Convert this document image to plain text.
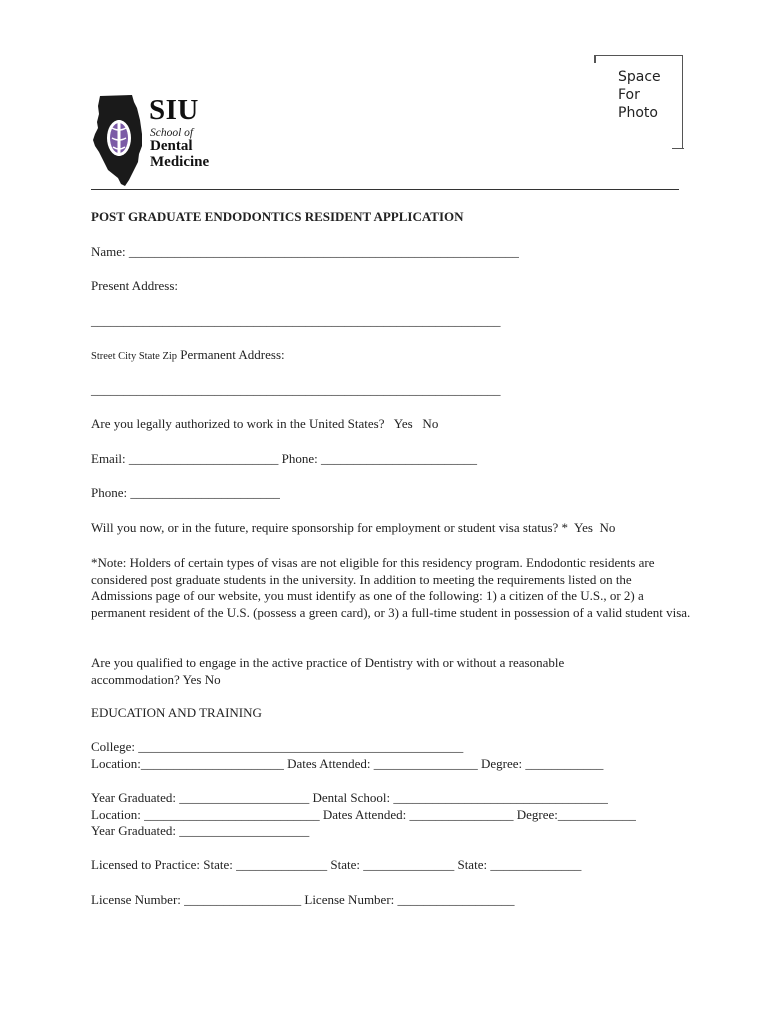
Space
For
Photo
SIU
School of
Dental
Medicine
POST GRADUATE ENDODONTICS RESIDENT APPLICATION
Name: ____________________________________________________________
Present Address:
_______________________________________________________________
Street City State Zip Permanent Address:
_______________________________________________________________
Are you legally authorized to work in the United States?   Yes   No
Email: _______________________ Phone: ________________________
Phone: _______________________
Will you now, or in the future, require sponsorship for employment or student visa status? *  Yes  No
*Note: Holders of certain types of visas are not eligible for this residency program. Endodontic residents are considered post graduate students in the university. In addition to meeting the requirements listed on the Admissions page of our website, you must identify as one of the following: 1) a citizen of the U.S., or 2) a permanent resident of the U.S. (possess a green card), or 3) a full-time student in possession of a valid student visa.
Are you qualified to engage in the active practice of Dentistry with or without a reasonable accommodation? Yes No
EDUCATION AND TRAINING
College: __________________________________________________
Location:______________________ Dates Attended: ________________ Degree: ____________
Year Graduated: ____________________ Dental School: _________________________________
Location: ___________________________ Dates Attended: ________________ Degree:____________
Year Graduated: ____________________
Licensed to Practice: State: ______________ State: ______________ State: ______________
License Number: __________________ License Number: __________________
